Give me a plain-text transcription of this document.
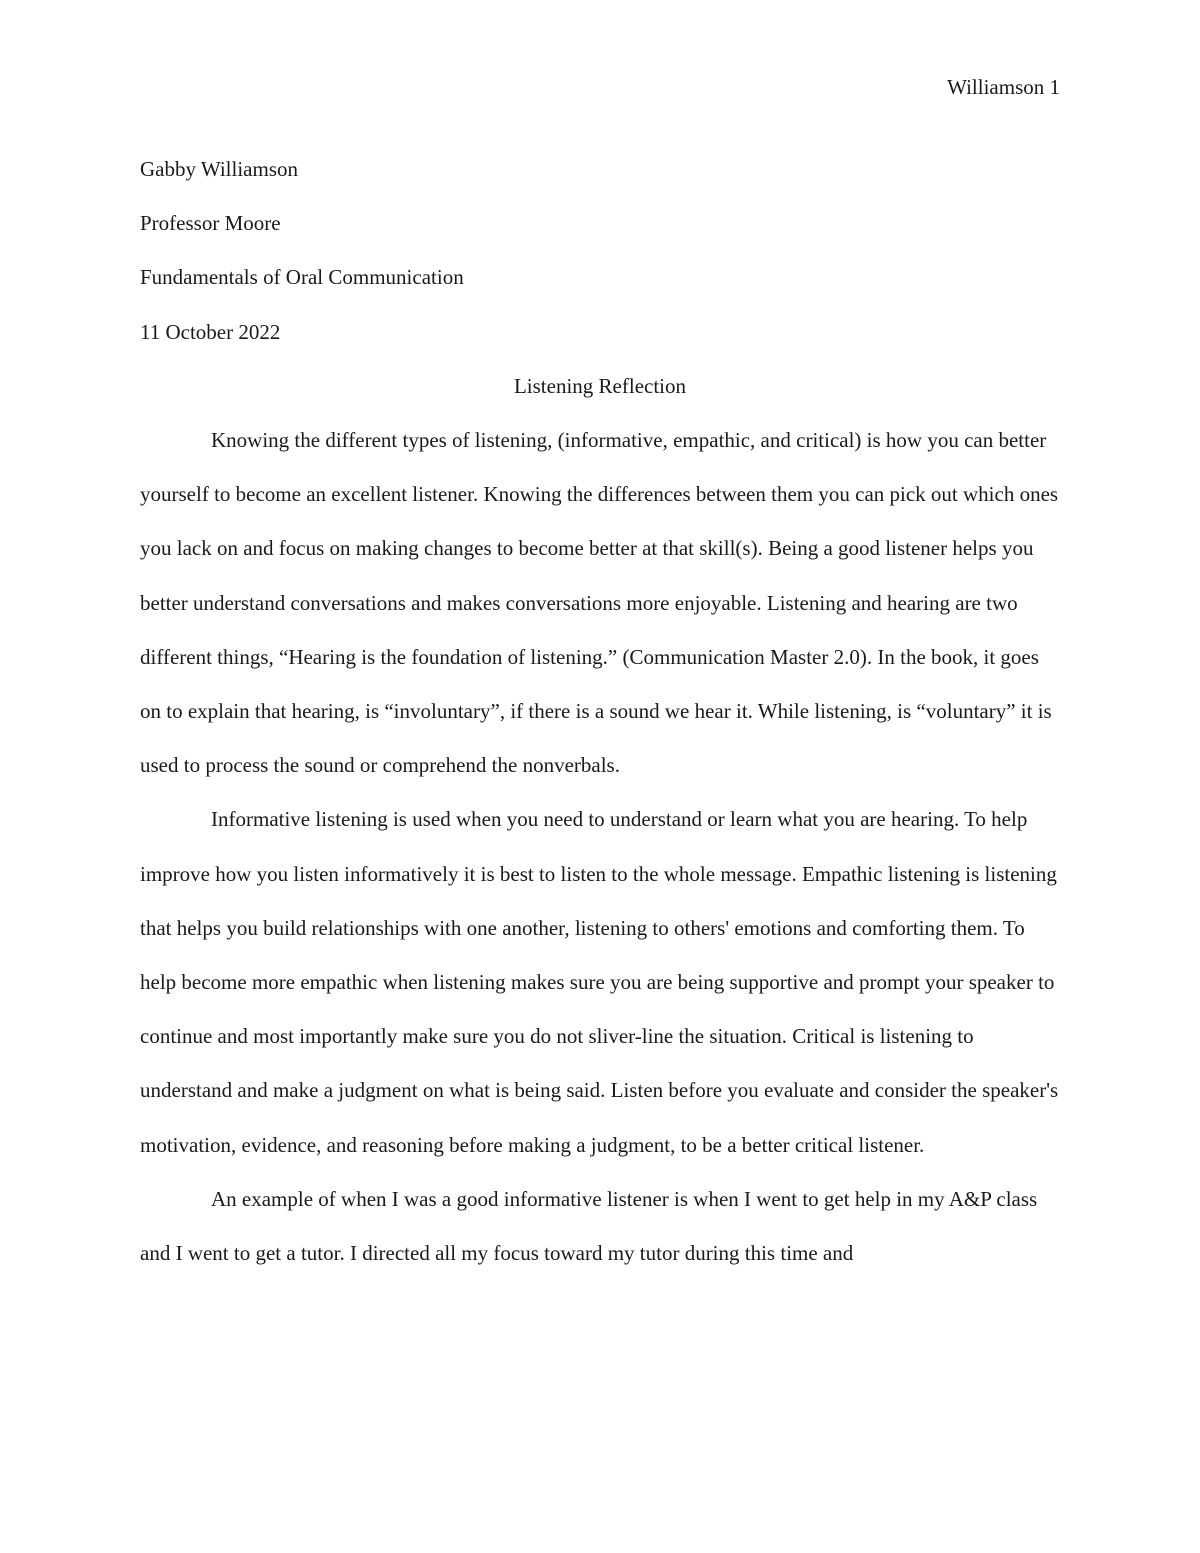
Williamson 1

Gabby Williamson

Professor Moore

Fundamentals of Oral Communication

11 October 2022

Listening Reflection

Knowing the different types of listening, (informative, empathic, and critical) is how you can better yourself to become an excellent listener. Knowing the differences between them you can pick out which ones you lack on and focus on making changes to become better at that skill(s). Being a good listener helps you better understand conversations and makes conversations more enjoyable. Listening and hearing are two different things, “Hearing is the foundation of listening.” (Communication Master 2.0). In the book, it goes on to explain that hearing, is “involuntary”, if there is a sound we hear it. While listening, is “voluntary” it is used to process the sound or comprehend the nonverbals.

Informative listening is used when you need to understand or learn what you are hearing. To help improve how you listen informatively it is best to listen to the whole message. Empathic listening is listening that helps you build relationships with one another, listening to others' emotions and comforting them. To help become more empathic when listening makes sure you are being supportive and prompt your speaker to continue and most importantly make sure you do not sliver-line the situation. Critical is listening to understand and make a judgment on what is being said. Listen before you evaluate and consider the speaker's motivation, evidence, and reasoning before making a judgment, to be a better critical listener.

An example of when I was a good informative listener is when I went to get help in my A&P class and I went to get a tutor. I directed all my focus toward my tutor during this time and
